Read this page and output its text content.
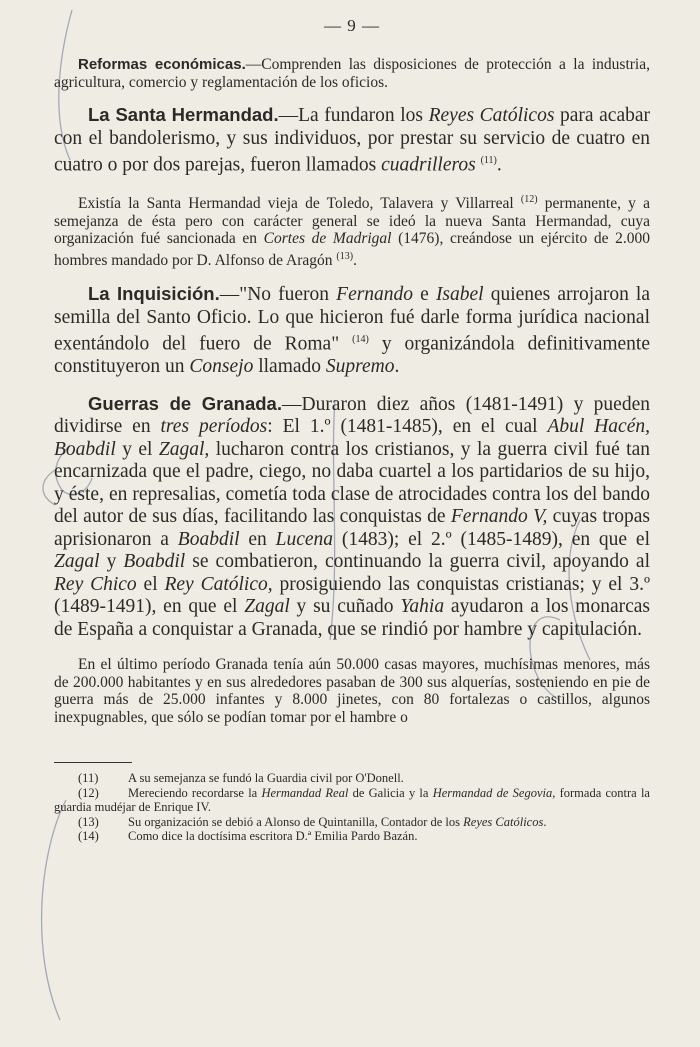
— 9 —

Reformas económicas.—Comprenden las disposiciones de protección a la industria, agricultura, comercio y reglamentación de los oficios.

La Santa Hermandad.—La fundaron los Reyes Católicos para acabar con el bandolerismo, y sus individuos, por prestar su servicio de cuatro en cuatro o por dos parejas, fueron llamados cuadrilleros $^{(11)}$.

Existía la Santa Hermandad vieja de Toledo, Talavera y Villarreal $^{(12)}$ permanente, y a semejanza de ésta pero con carácter general se ideó la nueva Santa Hermandad, cuya organización fué sancionada en Cortes de Madrigal (1476), creándose un ejército de 2.000 hombres mandado por D. Alfonso de Aragón $^{(13)}$.

La Inquisición.—"No fueron Fernando e Isabel quienes arrojaron la semilla del Santo Oficio. Lo que hicieron fué darle forma jurídica nacional exentándolo del fuero de Roma" $^{(14)}$ y organizándola definitivamente constituyeron un Consejo llamado Supremo.

Guerras de Granada.—Duraron diez años (1481-1491) y pueden dividirse en tres períodos: El 1.º (1481-1485), en el cual Abul Hacén, Boabdil y el Zagal, lucharon contra los cristianos, y la guerra civil fué tan encarnizada que el padre, ciego, no daba cuartel a los partidarios de su hijo, y éste, en represalias, cometía toda clase de atrocidades contra los del bando del autor de sus días, facilitando las conquistas de Fernando V, cuyas tropas aprisionaron a Boabdil en Lucena (1483); el 2.º (1485-1489), en que el Zagal y Boabdil se combatieron, continuando la guerra civil, apoyando al Rey Chico el Rey Católico, prosiguiendo las conquistas cristianas; y el 3.º (1489-1491), en que el Zagal y su cuñado Yahia ayudaron a los monarcas de España a conquistar a Granada, que se rindió por hambre y capitulación.

En el último período Granada tenía aún 50.000 casas mayores, muchísimas menores, más de 200.000 habitantes y en sus alrededores pasaban de 300 sus alquerías, sosteniendo en pie de guerra más de 25.000 infantes y 8.000 jinetes, con 80 fortalezas o castillos, algunos inexpugnables, que sólo se podían tomar por el hambre o

(11) A su semejanza se fundó la Guardia civil por O'Donell.
(12) Mereciendo recordarse la Hermandad Real de Galicia y la Hermandad de Segovia, formada contra la guardia mudéjar de Enrique IV.
(13) Su organización se debió a Alonso de Quintanilla, Contador de los Reyes Católicos.
(14) Como dice la doctísima escritora D.ª Emilia Pardo Bazán.
